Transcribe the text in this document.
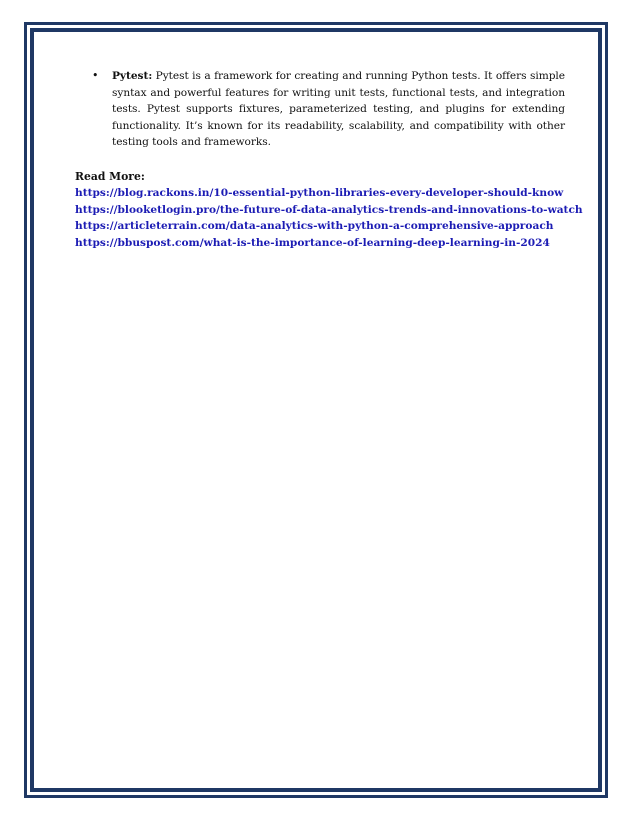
•	Pytest: Pytest is a framework for creating and running Python tests. It offers simple syntax and powerful features for writing unit tests, functional tests, and integration tests. Pytest supports fixtures, parameterized testing, and plugins for extending functionality. It’s known for its readability, scalability, and compatibility with other testing tools and frameworks.

Read More:
https://blog.rackons.in/10-essential-python-libraries-every-developer-should-know
https://blooketlogin.pro/the-future-of-data-analytics-trends-and-innovations-to-watch
https://articleterrain.com/data-analytics-with-python-a-comprehensive-approach
https://bbuspost.com/what-is-the-importance-of-learning-deep-learning-in-2024
